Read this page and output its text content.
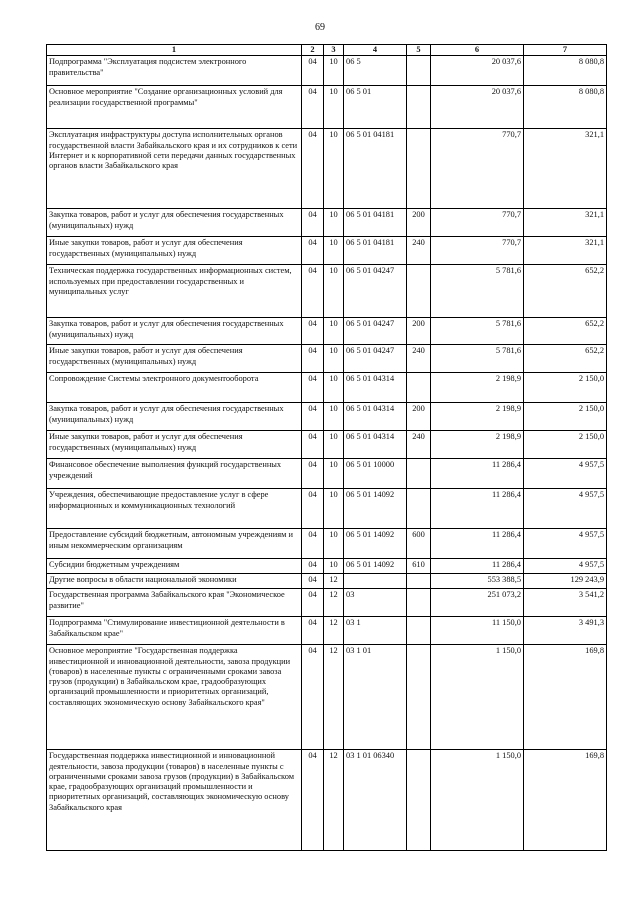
69
1	2	3	4	5	6	7
Подпрограмма "Эксплуатация подсистем электронного правительства"	04	10	06 5		20 037,6	8 080,8
Основное мероприятие "Создание организационных условий для реализации государственной программы"	04	10	06 5 01		20 037,6	8 080,8
Эксплуатация инфраструктуры доступа исполнительных органов государственной власти Забайкальского края и их сотрудников к сети Интернет и к корпоративной сети передачи данных государственных органов власти Забайкальского края	04	10	06 5 01 04181		770,7	321,1
Закупка товаров, работ и услуг для обеспечения государственных (муниципальных) нужд	04	10	06 5 01 04181	200	770,7	321,1
Иные закупки товаров, работ и услуг для обеспечения государственных (муниципальных) нужд	04	10	06 5 01 04181	240	770,7	321,1
Техническая поддержка государственных информационных систем, используемых при предоставлении государственных и муниципальных услуг	04	10	06 5 01 04247		5 781,6	652,2
Закупка товаров, работ и услуг для обеспечения государственных (муниципальных) нужд	04	10	06 5 01 04247	200	5 781,6	652,2
Иные закупки товаров, работ и услуг для обеспечения государственных (муниципальных) нужд	04	10	06 5 01 04247	240	5 781,6	652,2
Сопровождение Системы электронного документооборота	04	10	06 5 01 04314		2 198,9	2 150,0
Закупка товаров, работ и услуг для обеспечения государственных (муниципальных) нужд	04	10	06 5 01 04314	200	2 198,9	2 150,0
Иные закупки товаров, работ и услуг для обеспечения государственных (муниципальных) нужд	04	10	06 5 01 04314	240	2 198,9	2 150,0
Финансовое обеспечение выполнения функций государственных учреждений	04	10	06 5 01 10000		11 286,4	4 957,5
Учреждения, обеспечивающие предоставление услуг в сфере информационных и коммуникационных технологий	04	10	06 5 01 14092		11 286,4	4 957,5
Предоставление субсидий бюджетным, автономным учреждениям и иным некоммерческим организациям	04	10	06 5 01 14092	600	11 286,4	4 957,5
Субсидии бюджетным учреждениям	04	10	06 5 01 14092	610	11 286,4	4 957,5
Другие вопросы в области национальной экономики	04	12			553 388,5	129 243,9
Государственная программа Забайкальского края "Экономическое развитие"	04	12	03		251 073,2	3 541,2
Подпрограмма "Стимулирование инвестиционной деятельности в Забайкальском крае"	04	12	03 1		11 150,0	3 491,3
Основное мероприятие "Государственная поддержка инвестиционной и инновационной деятельности, завоза продукции (товаров) в населенные пункты с ограниченными сроками завоза грузов (продукции) в Забайкальском крае, градообразующих организаций промышленности и приоритетных организаций, составляющих экономическую основу Забайкальского края"	04	12	03 1 01		1 150,0	169,8
Государственная поддержка инвестиционной и инновационной деятельности, завоза продукции (товаров) в населенные пункты с ограниченными сроками завоза грузов (продукции) в Забайкальском крае, градообразующих организаций промышленности и приоритетных организаций, составляющих экономическую основу Забайкальского края	04	12	03 1 01 06340		1 150,0	169,8
